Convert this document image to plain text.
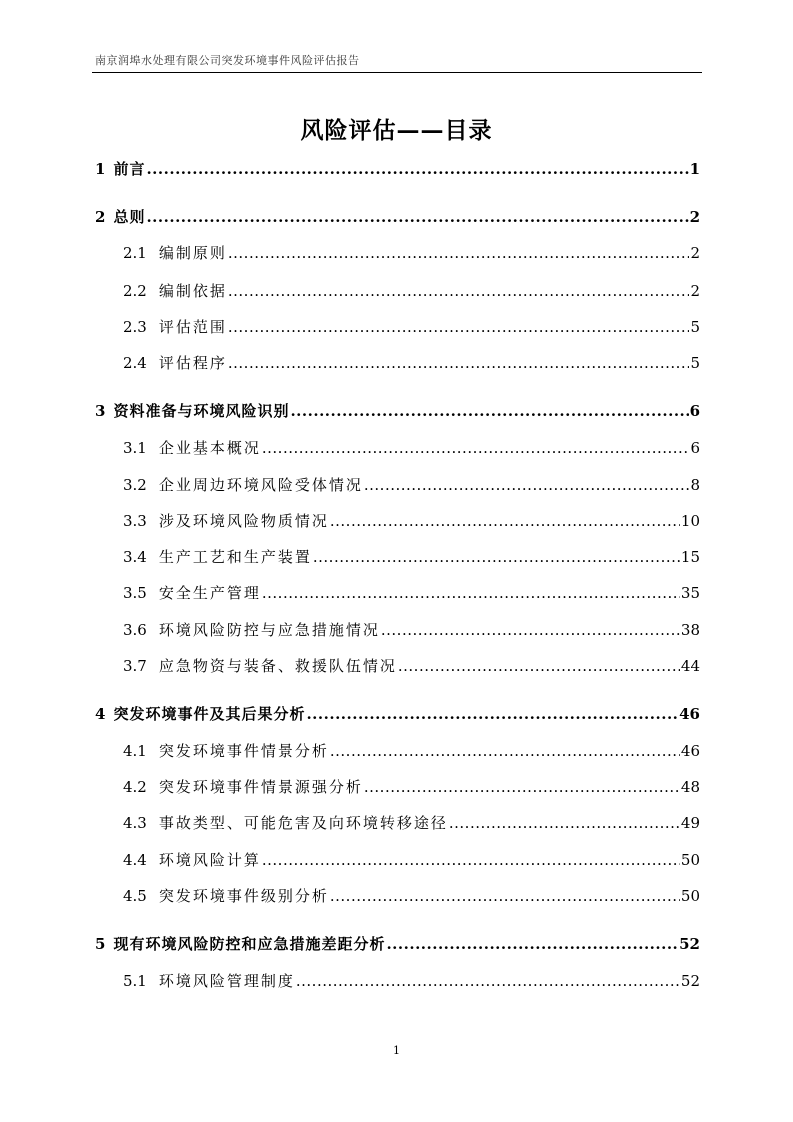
南京润埠水处理有限公司突发环境事件风险评估报告
风险评估——目录
1 前言 .....	1
2 总则 .....	2
2.1 编制原则 .....	2
2.2 编制依据 .....	2
2.3 评估范围 .....	5
2.4 评估程序 .....	5
3 资料准备与环境风险识别 .....	6
3.1 企业基本概况 .....	6
3.2 企业周边环境风险受体情况 .....	8
3.3 涉及环境风险物质情况 .....	10
3.4 生产工艺和生产装置 .....	15
3.5 安全生产管理 .....	35
3.6 环境风险防控与应急措施情况 .....	38
3.7 应急物资与装备、救援队伍情况 .....	44
4 突发环境事件及其后果分析 .....	46
4.1 突发环境事件情景分析 .....	46
4.2 突发环境事件情景源强分析 .....	48
4.3 事故类型、可能危害及向环境转移途径 .....	49
4.4 环境风险计算 .....	50
4.5 突发环境事件级别分析 .....	50
5 现有环境风险防控和应急措施差距分析 .....	52
5.1 环境风险管理制度 .....	52
1
